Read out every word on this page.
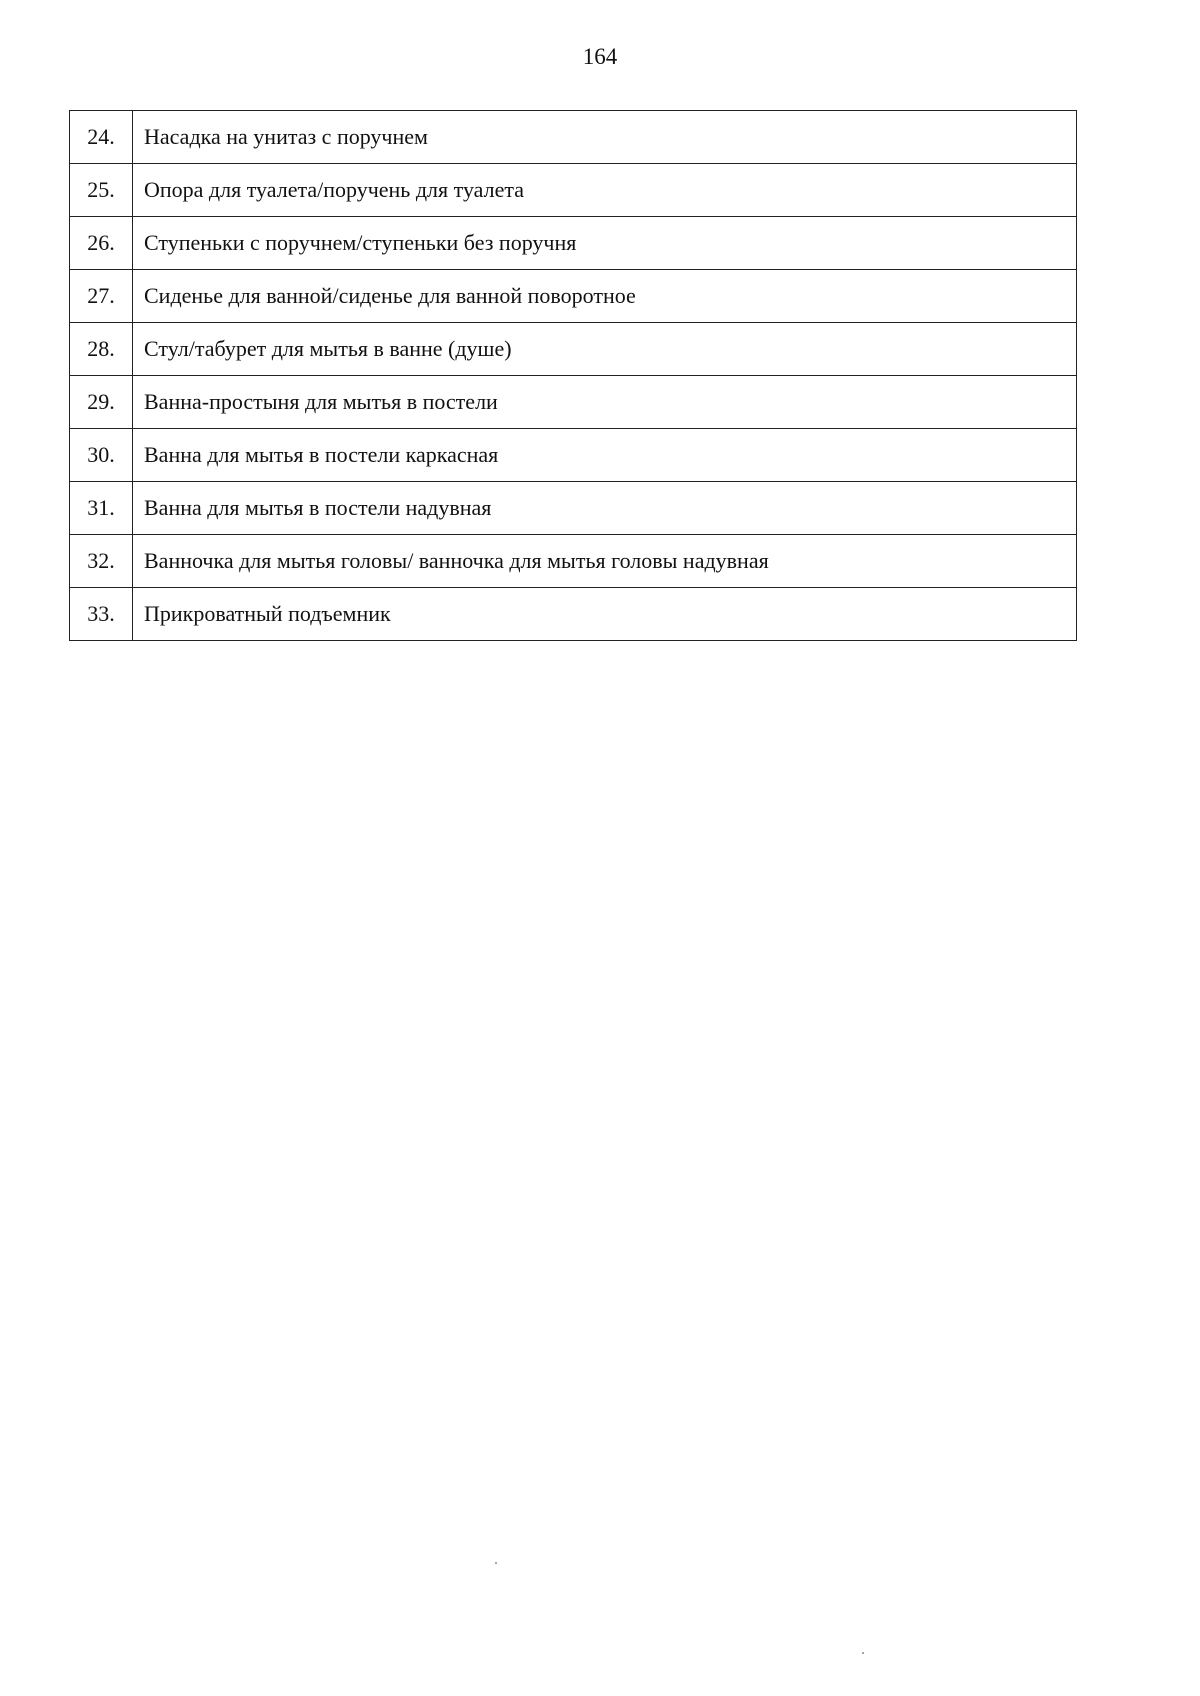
164
24.	Насадка на унитаз с поручнем
25.	Опора для туалета/поручень для туалета
26.	Ступеньки с поручнем/ступеньки без поручня
27.	Сиденье для ванной/сиденье для ванной поворотное
28.	Стул/табурет для мытья в ванне (душе)
29.	Ванна-простыня для мытья в постели
30.	Ванна для мытья в постели каркасная
31.	Ванна для мытья в постели надувная
32.	Ванночка для мытья головы/ ванночка для мытья головы надувная
33.	Прикроватный подъемник
